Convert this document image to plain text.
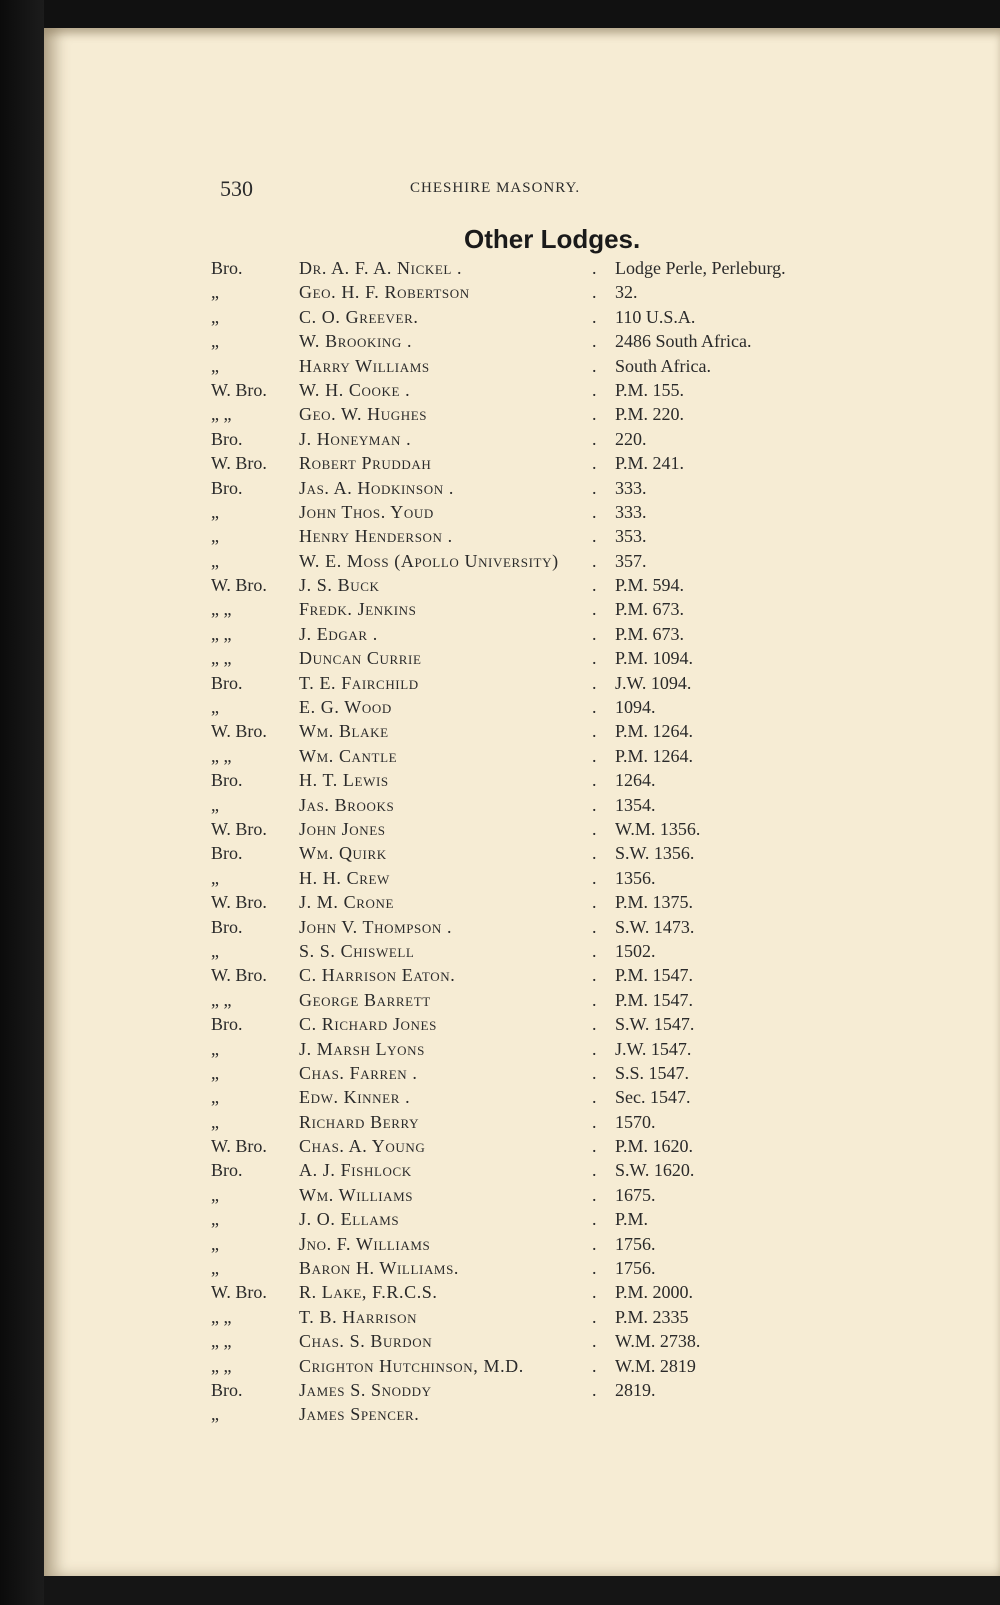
530	CHESHIRE MASONRY.
Other Lodges.
Bro.	Dr. A. F. A. Nickel .	.	Lodge Perle, Perleburg.
„	Geo. H. F. Robertson	.	32.
„	C. O. Greever.	.	110 U.S.A.
„	W. Brooking .	.	2486 South Africa.
„	Harry Williams	.	South Africa.
W. Bro.	W. H. Cooke .	.	P.M. 155.
„ „	Geo. W. Hughes	.	P.M. 220.
Bro.	J. Honeyman .	.	220.
W. Bro.	Robert Pruddah	.	P.M. 241.
Bro.	Jas. A. Hodkinson .	.	333.
„	John Thos. Youd	.	333.
„	Henry Henderson .	.	353.
„	W. E. Moss (Apollo University)	.	357.
W. Bro.	J. S. Buck	.	P.M. 594.
„ „	Fredk. Jenkins	.	P.M. 673.
„ „	J. Edgar .	.	P.M. 673.
„ „	Duncan Currie	.	P.M. 1094.
Bro.	T. E. Fairchild	.	J.W. 1094.
„	E. G. Wood	.	1094.
W. Bro.	Wm. Blake	.	P.M. 1264.
„ „	Wm. Cantle	.	P.M. 1264.
Bro.	H. T. Lewis	.	1264.
„	Jas. Brooks	.	1354.
W. Bro.	John Jones	.	W.M. 1356.
Bro.	Wm. Quirk	.	S.W. 1356.
„	H. H. Crew	.	1356.
W. Bro.	J. M. Crone	.	P.M. 1375.
Bro.	John V. Thompson .	.	S.W. 1473.
„	S. S. Chiswell	.	1502.
W. Bro.	C. Harrison Eaton.	.	P.M. 1547.
„ „	George Barrett	.	P.M. 1547.
Bro.	C. Richard Jones	.	S.W. 1547.
„	J. Marsh Lyons	.	J.W. 1547.
„	Chas. Farren .	.	S.S. 1547.
„	Edw. Kinner .	.	Sec. 1547.
„	Richard Berry	.	1570.
W. Bro.	Chas. A. Young	.	P.M. 1620.
Bro.	A. J. Fishlock	.	S.W. 1620.
„	Wm. Williams	.	1675.
„	J. O. Ellams	.	P.M.
„	Jno. F. Williams	.	1756.
„	Baron H. Williams.	.	1756.
W. Bro.	R. Lake, F.R.C.S.	.	P.M. 2000.
„ „	T. B. Harrison	.	P.M. 2335
„ „	Chas. S. Burdon	.	W.M. 2738.
„ „	Crighton Hutchinson, M.D.	.	W.M. 2819
Bro.	James S. Snoddy	.	2819.
„	James Spencer.
